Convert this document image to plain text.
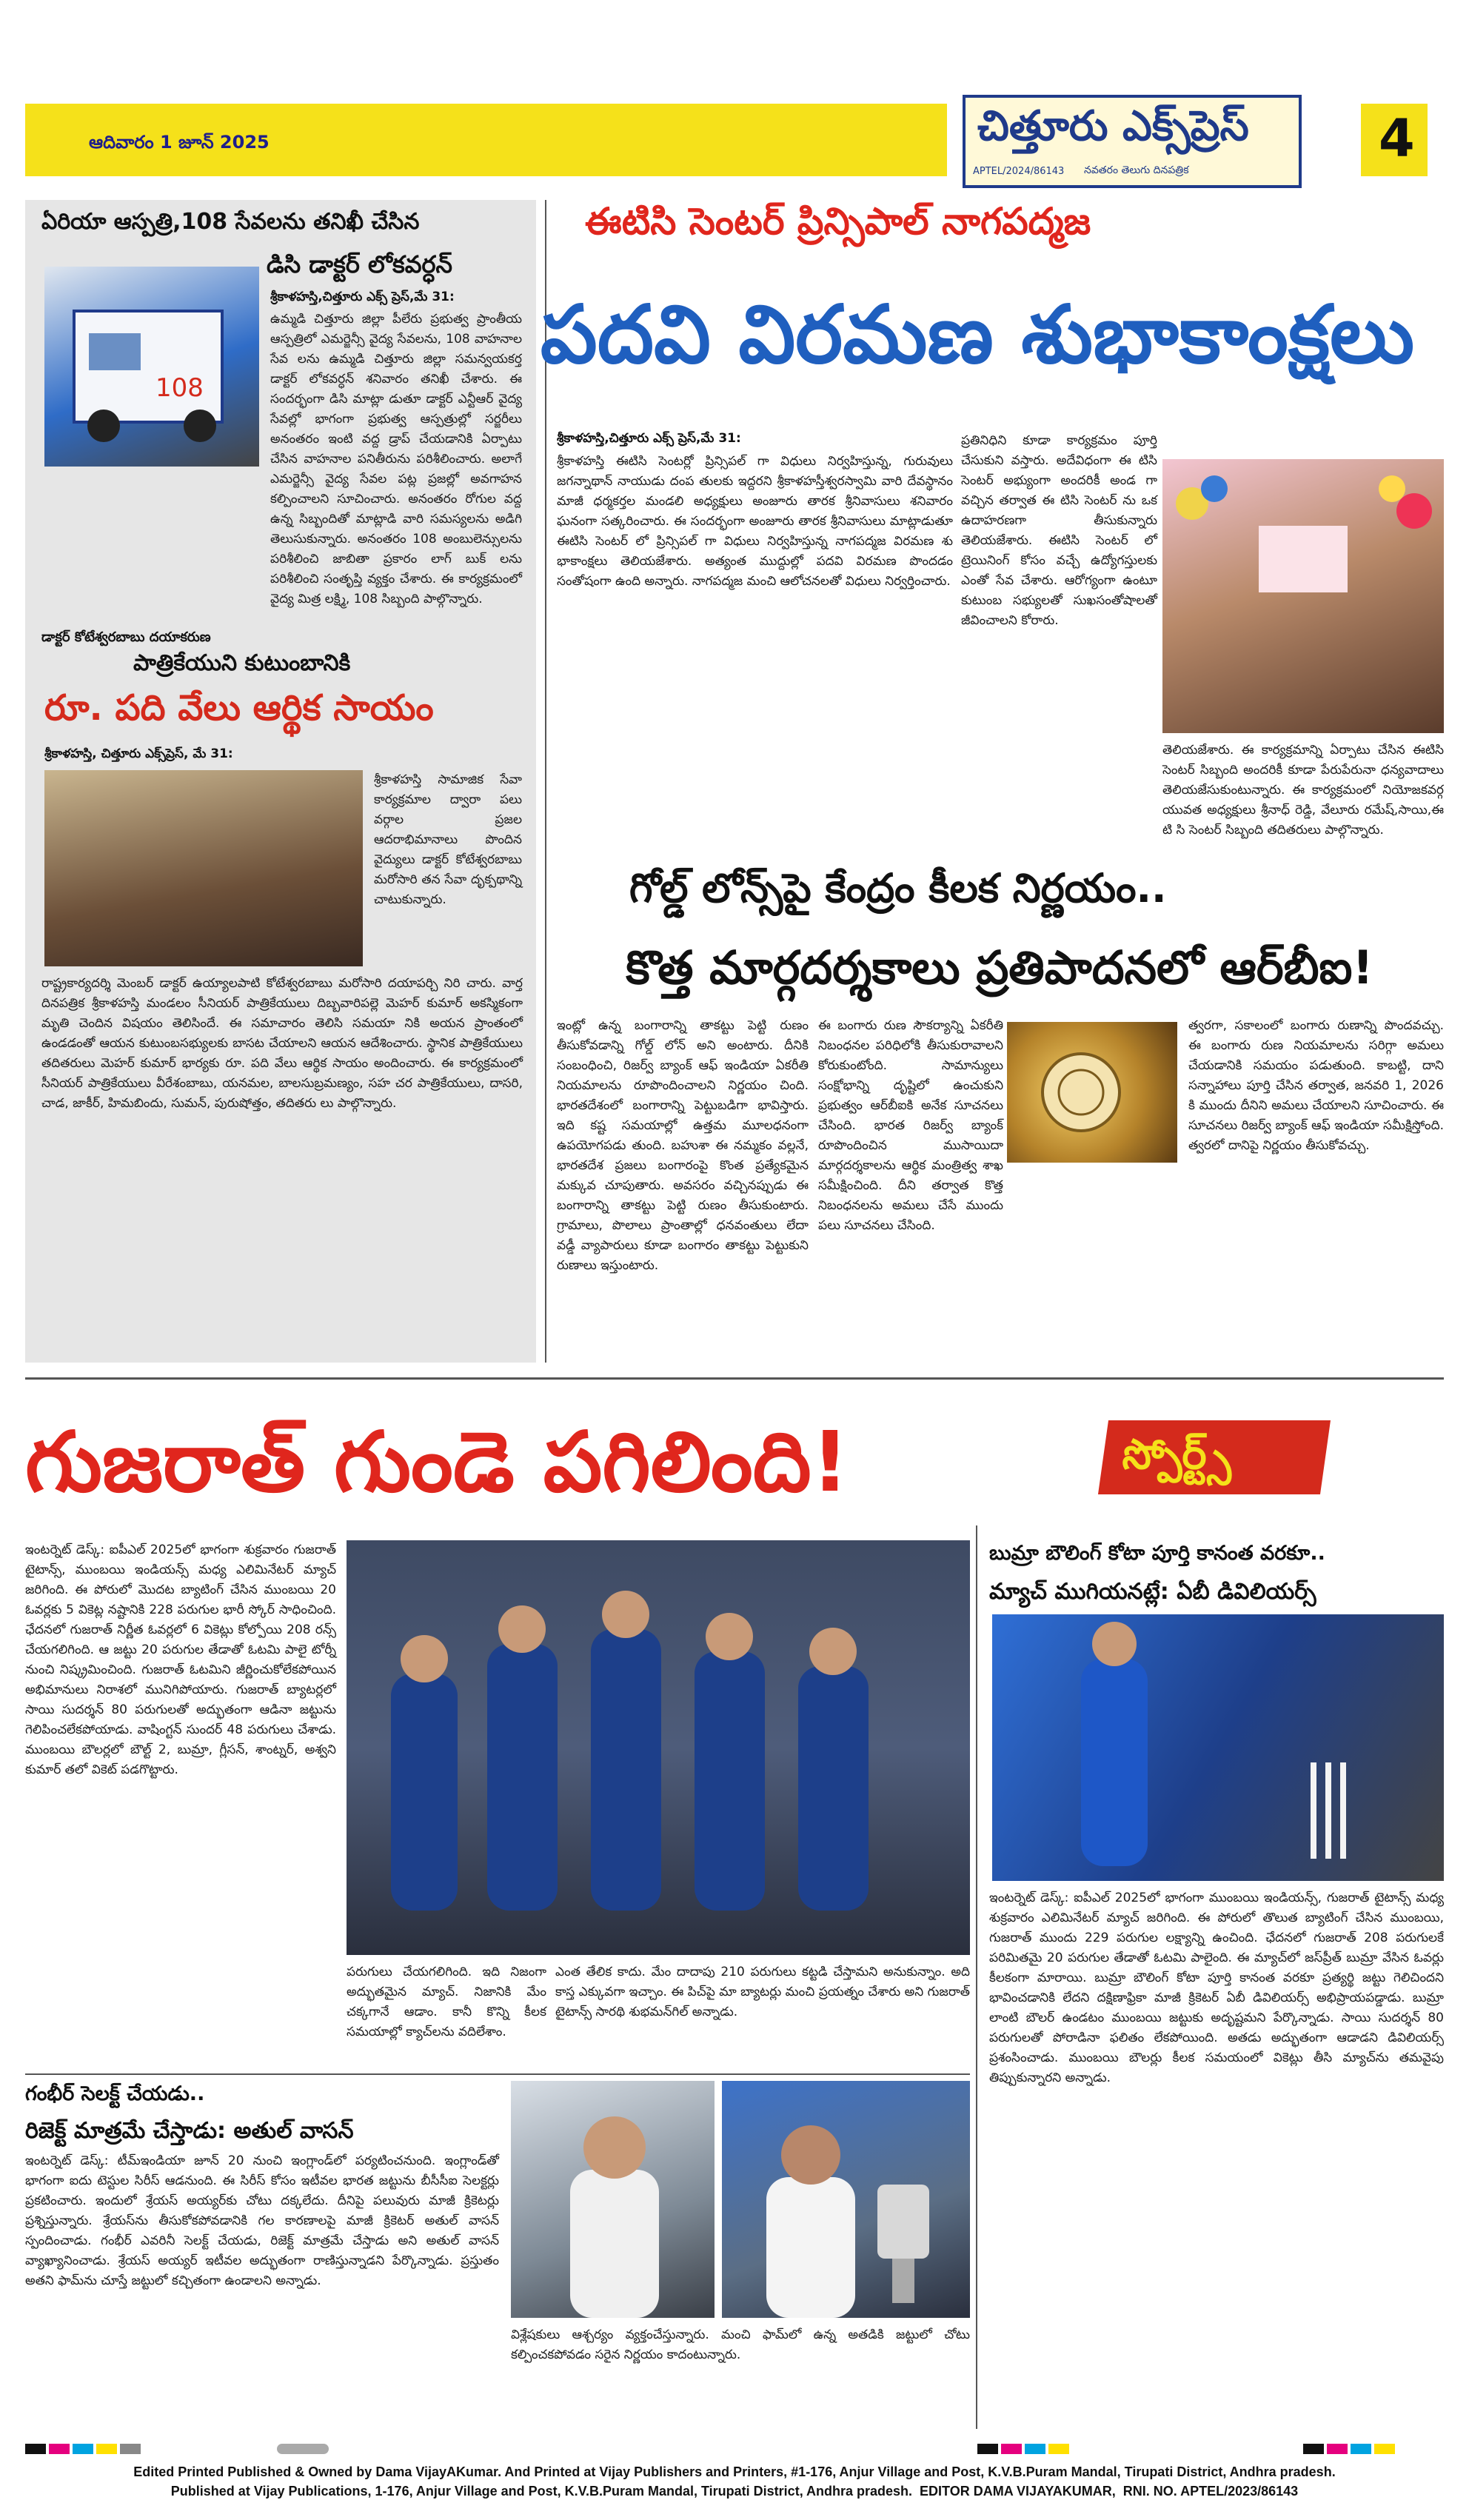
ఆదివారం 1 జూన్ 2025	చిత్తూరు ఎక్స్‌ప్రెస్
APTEL/2024/86143 నవతరం తెలుగు దినపత్రిక
4
ఏరియా ఆస్పత్రి,108 సేవలను తనిఖీ చేసిన
డిసి డాక్టర్ లోకవర్ధన్
108
శ్రీకాళహస్తి,చిత్తూరు ఎక్స్ ప్రెస్,మే 31:
ఉమ్మడి చిత్తూరు జిల్లా పీలేరు ప్రభుత్వ ప్రాంతీయ ఆస్పత్రిలో ఎమర్జెన్సీ వైద్య సేవలను, 108 వాహనాల సేవ లను ఉమ్మడి చిత్తూరు జిల్లా సమన్వయకర్త డాక్టర్ లోకవర్ధన్ శనివారం తనిఖీ చేశారు. ఈ సందర్భంగా డిసి మాట్లా డుతూ డాక్టర్ ఎన్టీఆర్ వైద్య సేవల్లో భాగంగా ప్రభుత్వ ఆస్పత్రుల్లో సర్జరీలు అనంతరం ఇంటి వద్ద డ్రాప్ చేయడానికి ఏర్పాటు చేసిన వాహనాల పనితీరును పరిశీలించారు. అలాగే ఎమర్జెన్సీ వైద్య సేవల పట్ల ప్రజల్లో అవగాహన కల్పించాలని సూచించారు. అనంతరం రోగుల వద్ద ఉన్న సిబ్బందితో మాట్లాడి వారి సమస్యలను అడిగి తెలుసుకున్నారు. అనంతరం 108 అంబులెన్సులను పరిశీలించి జాబితా ప్రకారం లాగ్ బుక్ లను పరిశీలించి సంతృప్తి వ్యక్తం చేశారు. ఈ కార్యక్రమంలో వైద్య మిత్ర లక్ష్మి, 108 సిబ్బంది పాల్గొన్నారు.
డాక్టర్ కోటేశ్వరబాబు దయాకరుణ
పాత్రికేయుని కుటుంబానికి
రూ. పది వేలు ఆర్థిక సాయం
శ్రీకాళహస్తి, చిత్తూరు ఎక్స్‌ప్రెస్, మే 31:
శ్రీకాళహస్తి సామాజిక సేవా కార్యక్రమాల ద్వారా పలు వర్గాల ప్రజల ఆదరాభిమానాలు పొందిన వైద్యులు డాక్టర్ కోటేశ్వరబాబు మరోసారి తన సేవా దృక్పథాన్ని చాటుకున్నారు.
రాష్ట్రకార్యదర్శి మెంబర్ డాక్టర్ ఉయ్యాలపాటి కోటేశ్వరబాబు మరోసారి దయాపర్చి నిరి చారు. వార్త దినపత్రిక శ్రీకాళహస్తి మండలం సీనియర్ పాత్రికేయులు దిబ్బవారిపల్లె మెహర్ కుమార్ అకస్మికంగా మృతి చెందిన విషయం తెలిసిందే. ఈ సమాచారం తెలిసి సమయా నికి అయన ప్రాంతంలో ఉండడంతో ఆయన కుటుంబసభ్యులకు బాసట చేయాలని ఆయన ఆదేశించారు. స్థానిక పాత్రికేయులు తదితరులు మెహర్ కుమార్ భార్యకు రూ. పది వేలు ఆర్థిక సాయం అందించారు. ఈ కార్యక్రమంలో సీనియర్ పాత్రికేయులు వీరేశంబాబు, యనమల, బాలసుబ్రమణ్యం, సహ చర పాత్రికేయులు, దాసరి, చాడ, జాకీర్, హిమబిందు, సుమన్, పురుషోత్తం, తదితరు లు పాల్గొన్నారు.
ఈటిసి సెంటర్ ప్రిన్సిపాల్ నాగపద్మజ
పదవి విరమణ శుభాకాంక్షలు
శ్రీకాళహస్తి,చిత్తూరు ఎక్స్ ప్రెస్,మే 31:
శ్రీకాళహస్తి ఈటిసి సెంటర్లో ప్రిన్సిపల్ గా విధులు నిర్వహిస్తున్న, గురువులు జగన్నాథాన్ నాయుడు దంప తులకు ఇద్దరని శ్రీకాళహస్తీశ్వరస్వామి వారి దేవస్థానం మాజీ ధర్మకర్తల మండలి అధ్యక్షులు అంజూరు తారక శ్రీనివాసులు శనివారం ఘనంగా సత్కరించారు. ఈ సందర్భంగా అంజూరు తారక శ్రీనివాసులు మాట్లాడుతూ ఈటిసి సెంటర్ లో ప్రిన్సిపల్ గా విధులు నిర్వహిస్తున్న నాగపద్మజ విరమణ శు భాకాంక్షలు తెలియజేశారు. అత్యంత ముద్దుల్లో పదవి విరమణ పొందడం సంతోషంగా ఉంది అన్నారు. నాగపద్మజ మంచి ఆలోచనలతో విధులు నిర్వర్తించారు.
ప్రతినిధిని కూడా కార్యక్రమం పూర్తి చేసుకుని వస్తారు. అదేవిధంగా ఈ టిసి సెంటర్ అభ్యుంగా అందరికీ అండ గా వచ్చిన తర్వాత ఈ టిసి సెంటర్ ను ఒక ఉదాహరణగా తీసుకున్నారు తెలియజేశారు. ఈటిసి సెంటర్ లో ట్రెయినింగ్ కోసం వచ్చే ఉద్యోగస్తులకు ఎంతో సేవ చేశారు. ఆరోగ్యంగా ఉంటూ కుటుంబ సభ్యులతో సుఖసంతోషాలతో జీవించాలని కోరారు.
తెలియజేశారు. ఈ కార్యక్రమాన్ని ఏర్పాటు చేసిన ఈటిసి సెంటర్ సిబ్బంది అందరికీ కూడా పేరుపేరునా ధన్యవాదాలు తెలియజేసుకుంటున్నారు. ఈ కార్యక్రమంలో నియోజకవర్గ యువత అధ్యక్షులు శ్రీనాధ్ రెడ్డి, వేలూరు రమేష్,సాయి,ఈ టి సి సెంటర్ సిబ్బంది తదితరులు పాల్గొన్నారు.
గోల్డ్ లోన్స్‌పై కేంద్రం కీలక నిర్ణయం..
కొత్త మార్గదర్శకాలు ప్రతిపాదనలో ఆర్‌బీఐ!
ఇంట్లో ఉన్న బంగారాన్ని తాకట్టు పెట్టి రుణం తీసుకోవడాన్ని గోల్డ్ లోన్ అని అంటారు. దీనికి సంబంధించి, రిజర్వ్ బ్యాంక్ ఆఫ్ ఇండియా ఏకరీతి నియమాలను రూపొందించాలని నిర్ణయం చింది. భారతదేశంలో బంగారాన్ని పెట్టుబడిగా భావిస్తారు. ఇది కష్ట సమయాల్లో ఉత్తమ మూలధనంగా ఉపయోగపడు తుంది. బహుశా ఈ నమ్మకం వల్లనే, భారతదేశ ప్రజలు బంగారంపై కొంత ప్రత్యేకమైన మక్కువ చూపుతారు. అవసరం వచ్చినప్పుడు ఈ బంగారాన్ని తాకట్టు పెట్టి రుణం తీసుకుంటారు. గ్రామాలు, పొలాలు ప్రాంతాల్లో ధనవంతులు లేదా వడ్డీ వ్యాపారులు కూడా బంగారం తాకట్టు పెట్టుకుని రుణాలు ఇస్తుంటారు.
ఈ బంగారు రుణ సౌకర్యాన్ని ఏకరీతి నిబంధనల పరిధిలోకి తీసుకురావాలని కోరుకుంటోంది. సామాన్యులు సంక్షోభాన్ని దృష్టిలో ఉంచుకుని ప్రభుత్వం ఆర్‌బీఐకి అనేక సూచనలు చేసింది. భారత రిజర్వ్ బ్యాంక్ రూపొందించిన ముసాయిదా మార్గదర్శకాలను ఆర్థిక మంత్రిత్వ శాఖ సమీక్షించింది. దీని తర్వాత కొత్త నిబంధనలను అమలు చేసే ముందు పలు సూచనలు చేసింది.
త్వరగా, సకాలంలో బంగారు రుణాన్ని పొందవచ్చు. ఈ బంగారు రుణ నియమాలను సరిగ్గా అమలు చేయడానికి సమయం పడుతుంది. కాబట్టి, దాని సన్నాహాలు పూర్తి చేసిన తర్వాత, జనవరి 1, 2026 కి ముందు దీనిని అమలు చేయాలని సూచించారు. ఈ సూచనలు రిజర్వ్ బ్యాంక్ ఆఫ్ ఇండియా సమీక్షిస్తోంది. త్వరలో దానిపై నిర్ణయం తీసుకోవచ్చు.
గుజరాత్ గుండె పగిలింది!	స్పోర్ట్స్
ఇంటర్నెట్ డెస్క్: ఐపీఎల్ 2025లో భాగంగా శుక్రవారం గుజరాత్ టైటాన్స్‌, ముంబయి ఇండియన్స్ మధ్య ఎలిమినేటర్ మ్యాచ్ జరిగింది. ఈ పోరులో మొదట బ్యాటింగ్ చేసిన ముంబయి 20 ఓవర్లకు 5 వికెట్ల నష్టానికి 228 పరుగుల భారీ స్కోర్ సాధించింది. ఛేదనలో గుజరాత్ నిర్ణీత ఓవర్లలో 6 వికెట్లు కోల్పోయి 208 రన్స్ చేయగలిగింది. ఆ జట్టు 20 పరుగుల తేడాతో ఓటమి పాలై టోర్నీ నుంచి నిష్క్రమించింది. గుజరాత్ ఓటమిని జీర్ణించుకోలేకపోయిన అభిమానులు నిరాశలో మునిగిపోయారు. గుజరాత్ బ్యాటర్లలో సాయి సుదర్శన్ 80 పరుగులతో అద్భుతంగా ఆడినా జట్టును గెలిపించలేకపోయాడు. వాషింగ్టన్ సుందర్ 48 పరుగులు చేశాడు. ముంబయి బౌలర్లలో బౌల్ట్ 2, బుమ్రా, గ్లీసన్, శాంట్నర్, అశ్వని కుమార్ తలో వికెట్ పడగొట్టారు.
పరుగులు చేయగలిగింది. ఇది నిజంగా అద్భుతమైన మ్యాచ్. నిజానికి మేం చక్కగానే ఆడాం. కానీ కొన్ని కీలక సమయాల్లో క్యాచ్‌లను వదిలేశాం.
ఎంత తేలిక కాదు. మేం దాదాపు 210 పరుగులు కట్టడి చేస్తామని అనుకున్నాం. అది కాస్త ఎక్కువగా ఇచ్చాం. ఈ పిచ్‌పై మా బ్యాటర్లు మంచి ప్రయత్నం చేశారు అని గుజరాత్ టైటాన్స్‌ సారథి శుభమన్‌గిల్ అన్నాడు.
బుమ్రా బౌలింగ్ కోటా పూర్తి కానంత వరకూ..
మ్యాచ్ ముగియనట్లే: ఏబీ డివిలియర్స్
ఇంటర్నెట్ డెస్క్: ఐపీఎల్ 2025లో భాగంగా ముంబయి ఇండియన్స్, గుజరాత్ టైటాన్స్ మధ్య శుక్రవారం ఎలిమినేటర్ మ్యాచ్ జరిగింది. ఈ పోరులో తొలుత బ్యాటింగ్ చేసిన ముంబయి, గుజరాత్ ముందు 229 పరుగుల లక్ష్యాన్ని ఉంచింది. ఛేదనలో గుజరాత్ 208 పరుగులకే పరిమితమై 20 పరుగుల తేడాతో ఓటమి పాలైంది. ఈ మ్యాచ్‌లో జస్‌ప్రీత్ బుమ్రా వేసిన ఓవర్లు కీలకంగా మారాయి. బుమ్రా బౌలింగ్ కోటా పూర్తి కానంత వరకూ ప్రత్యర్థి జట్టు గెలిచిందని భావించడానికి లేదని దక్షిణాఫ్రికా మాజీ క్రికెటర్ ఏబీ డివిలియర్స్ అభిప్రాయపడ్డాడు. బుమ్రా లాంటి బౌలర్ ఉండటం ముంబయి జట్టుకు అదృష్టమని పేర్కొన్నాడు. సాయి సుదర్శన్ 80 పరుగులతో పోరాడినా ఫలితం లేకపోయింది. అతడు అద్భుతంగా ఆడాడని డివిలియర్స్ ప్రశంసించాడు. ముంబయి బౌలర్లు కీలక సమయంలో వికెట్లు తీసి మ్యాచ్‌ను తమవైపు తిప్పుకున్నారని అన్నాడు.
గంభీర్ సెలక్ట్ చేయడు..
రిజెక్ట్ మాత్రమే చేస్తాడు: అతుల్ వాసన్
ఇంటర్నెట్ డెస్క్: టీమ్‌ఇండియా జూన్ 20 నుంచి ఇంగ్లాండ్‌లో పర్యటించనుంది. ఇంగ్లాండ్‌తో భాగంగా ఐదు టెస్టుల సిరీస్ ఆడనుంది. ఈ సిరీస్ కోసం ఇటీవల భారత జట్టును బీసీసీఐ సెలక్టర్లు ప్రకటించారు. ఇందులో శ్రేయస్ అయ్యర్‌కు చోటు దక్కలేదు. దీనిపై పలువురు మాజీ క్రికెటర్లు ప్రశ్నిస్తున్నారు. శ్రేయస్‌ను తీసుకోకపోవడానికి గల కారణాలపై మాజీ క్రికెటర్ అతుల్ వాసన్ స్పందించాడు. గంభీర్ ఎవరినీ సెలక్ట్ చేయడు, రిజెక్ట్ మాత్రమే చేస్తాడు అని అతుల్ వాసన్ వ్యాఖ్యానించాడు. శ్రేయస్ అయ్యర్ ఇటీవల అద్భుతంగా రాణిస్తున్నాడని పేర్కొన్నాడు. ప్రస్తుతం అతని ఫామ్‌ను చూస్తే జట్టులో కచ్చితంగా ఉండాలని అన్నాడు.
విశ్లేషకులు ఆశ్చర్యం వ్యక్తంచేస్తున్నారు. మంచి ఫామ్‌లో ఉన్న అతడికి జట్టులో చోటు కల్పించకపోవడం సరైన నిర్ణయం కాదంటున్నారు.
Edited Printed Published & Owned by Dama VijayAKumar. And Printed at Vijay Publishers and Printers, #1-176, Anjur Village and Post, K.V.B.Puram Mandal, Tirupati District, Andhra pradesh.
Published at Vijay Publications, 1-176, Anjur Village and Post, K.V.B.Puram Mandal, Tirupati District, Andhra pradesh.  EDITOR DAMA VIJAYAKUMAR,  RNI. NO. APTEL/2023/86143
